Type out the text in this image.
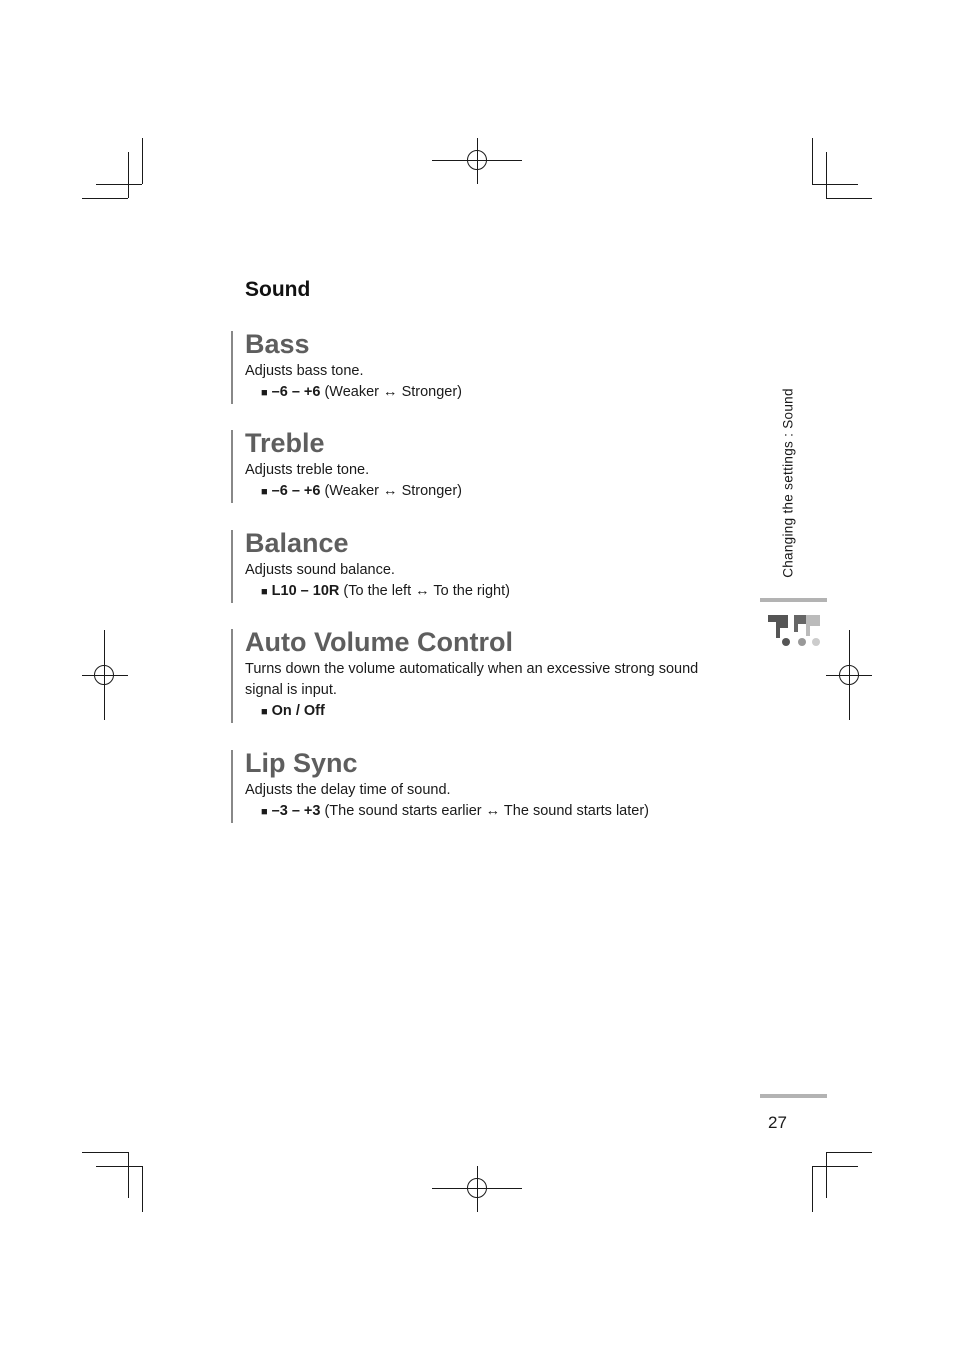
Sound
Bass
Adjusts bass tone.
■ –6 – +6 (Weaker ↔ Stronger)
Treble
Adjusts treble tone.
■ –6 – +6 (Weaker ↔ Stronger)
Balance
Adjusts sound balance.
■ L10 – 10R (To the left ↔ To the right)
Auto Volume Control
Turns down the volume automatically when an excessive strong sound signal is input.
■ On / Off
Lip Sync
Adjusts the delay time of sound.
■ –3 – +3 (The sound starts earlier ↔ The sound starts later)
Changing the settings : Sound
27
